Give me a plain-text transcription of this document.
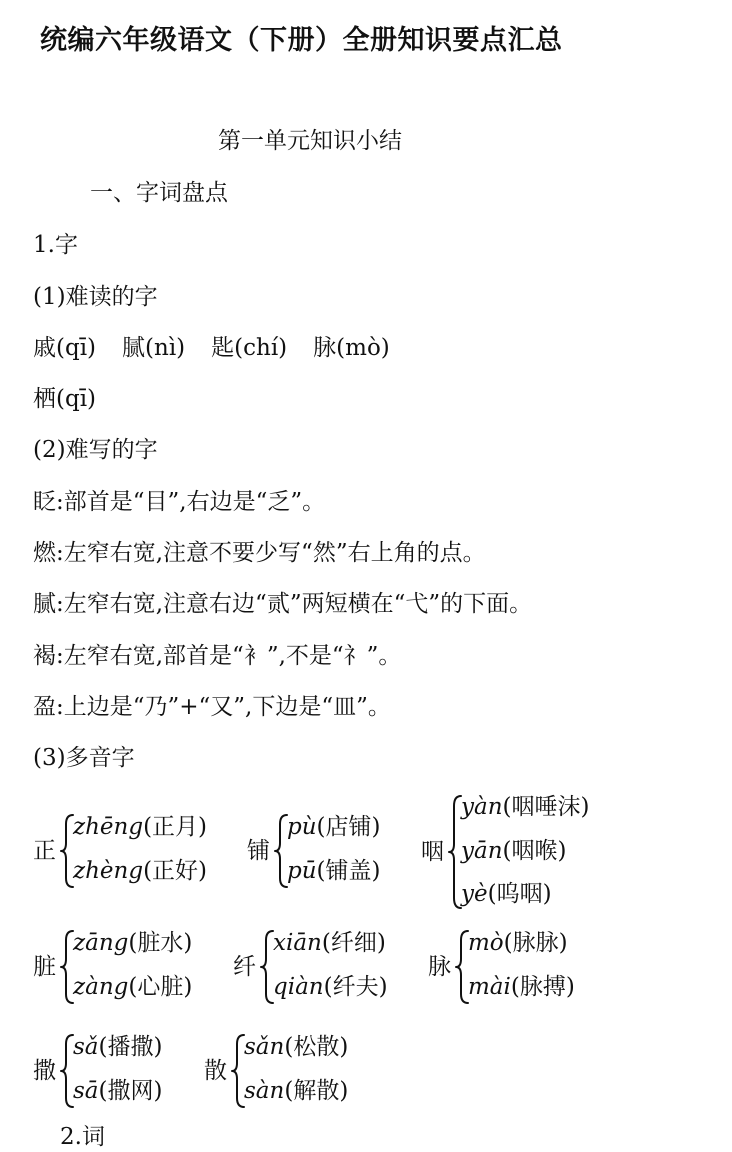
统编六年级语文（下册）全册知识要点汇总
第一单元知识小结
一、字词盘点
1.字
(1)难读的字
戚(qī) 腻(nì) 匙(chí) 脉(mò)
栖(qī)
(2)难写的字
眨:部首是“目”,右边是“乏”。
燃:左窄右宽,注意不要少写“然”右上角的点。
腻:左窄右宽,注意右边“贰”两短横在“弋”的下面。
褐:左窄右宽,部首是“衤”,不是“礻”。
盈:上边是“乃”+“又”,下边是“皿”。
(3)多音字
正
zhēng(正月)
zhèng(正好)
铺
pù(店铺)
pū(铺盖)
咽
yàn(咽唾沫)
yān(咽喉)
yè(呜咽)
脏
zāng(脏水)
zàng(心脏)
纤
xiān(纤细)
qiàn(纤夫)
脉
mò(脉脉)
mài(脉搏)
撒
sǎ(播撒)
sā(撒网)
散
sǎn(松散)
sàn(解散)
2.词
